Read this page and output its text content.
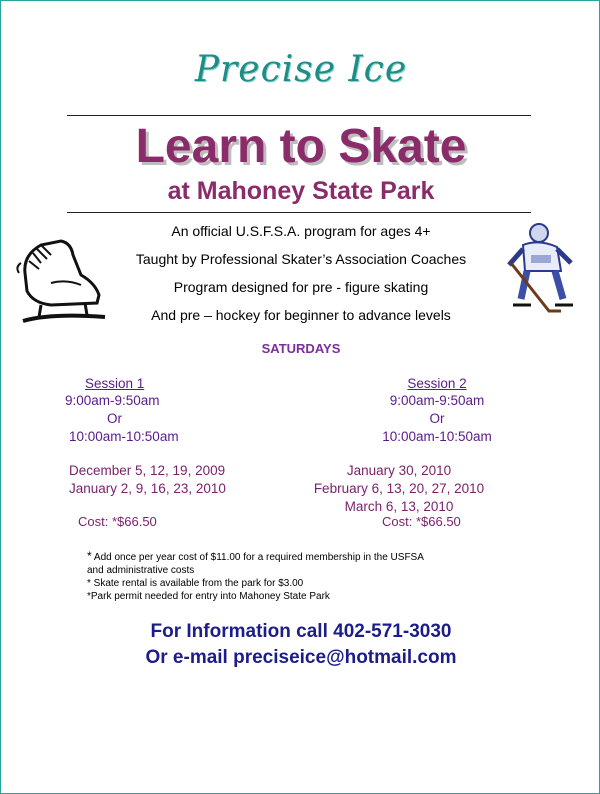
Precise Ice
Learn to Skate
at Mahoney State Park
An official U.S.F.S.A. program for ages 4+
Taught by Professional Skater’s Association Coaches
Program designed for pre - figure skating
And pre – hockey for beginner to advance levels
SATURDAYS
Session 1
9:00am-9:50am
Or
10:00am-10:50am
December 5, 12, 19, 2009
January 2, 9, 16, 23, 2010
Cost: *$66.50
Session 2
9:00am-9:50am
Or
10:00am-10:50am
January 30, 2010
February 6, 13, 20, 27, 2010
March 6, 13, 2010
Cost: *$66.50
* Add once per year cost of $11.00 for a required membership in the USFSA
and administrative costs
* Skate rental is available from the park for $3.00
*Park permit needed for entry into Mahoney State Park
For Information call 402-571-3030
Or e-mail preciseice@hotmail.com
